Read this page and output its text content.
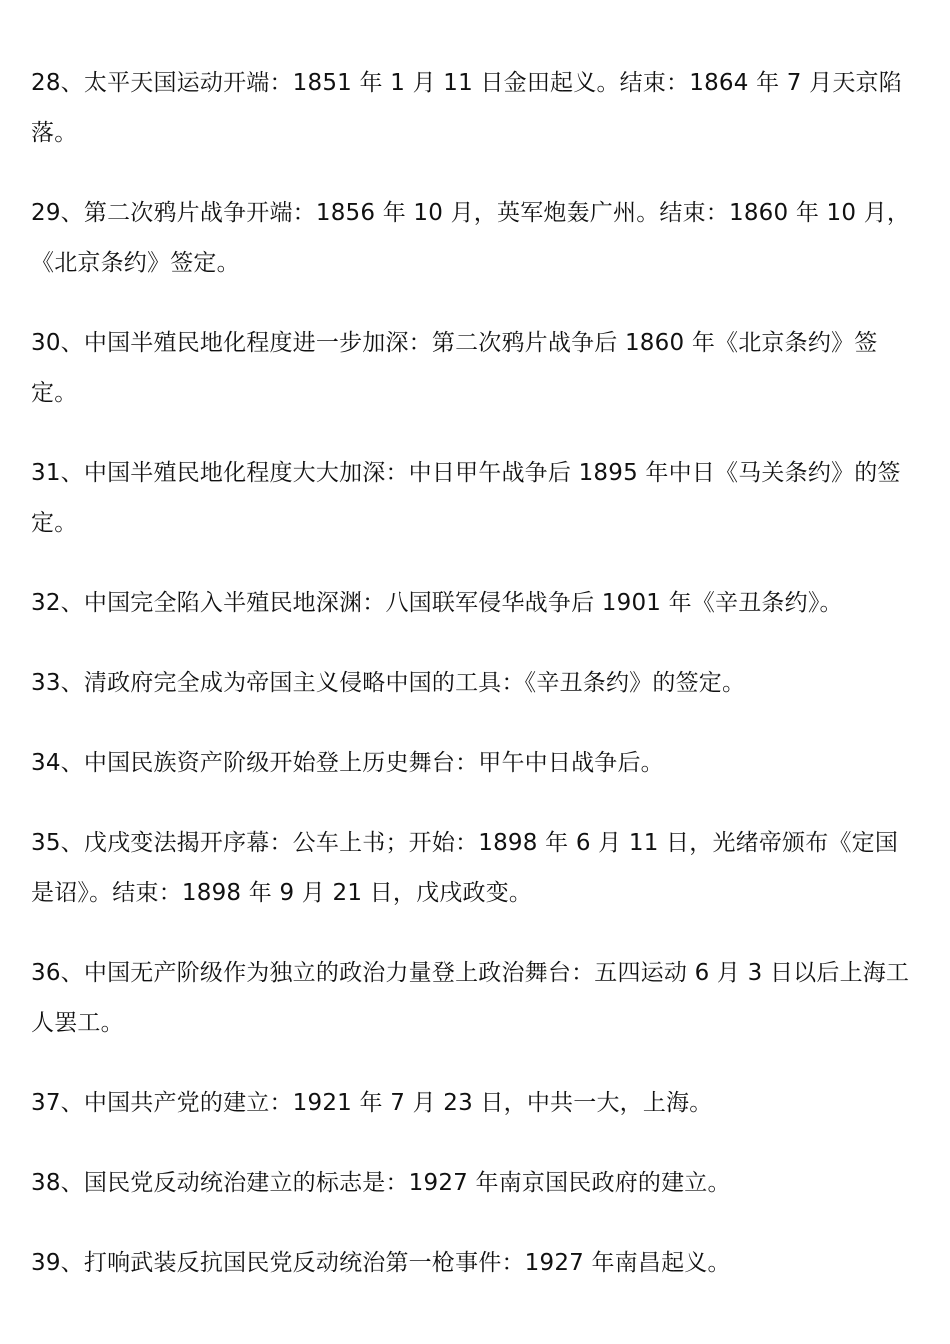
28、太平天国运动开端：1851 年 1 月 11 日金田起义。结束：1864 年 7 月天京陷落。

29、第二次鸦片战争开端：1856 年 10 月，英军炮轰广州。结束：1860 年 10 月，《北京条约》签定。

30、中国半殖民地化程度进一步加深：第二次鸦片战争后 1860 年《北京条约》签定。

31、中国半殖民地化程度大大加深：中日甲午战争后 1895 年中日《马关条约》的签定。

32、中国完全陷入半殖民地深渊：八国联军侵华战争后 1901 年《辛丑条约》。

33、清政府完全成为帝国主义侵略中国的工具：《辛丑条约》的签定。

34、中国民族资产阶级开始登上历史舞台：甲午中日战争后。

35、戊戌变法揭开序幕：公车上书；开始：1898 年 6 月 11 日，光绪帝颁布《定国是诏》。结束：1898 年 9 月 21 日，戊戌政变。

36、中国无产阶级作为独立的政治力量登上政治舞台：五四运动 6 月 3 日以后上海工人罢工。

37、中国共产党的建立：1921 年 7 月 23 日，中共一大，上海。

38、国民党反动统治建立的标志是：1927 年南京国民政府的建立。

39、打响武装反抗国民党反动统治第一枪事件：1927 年南昌起义。
